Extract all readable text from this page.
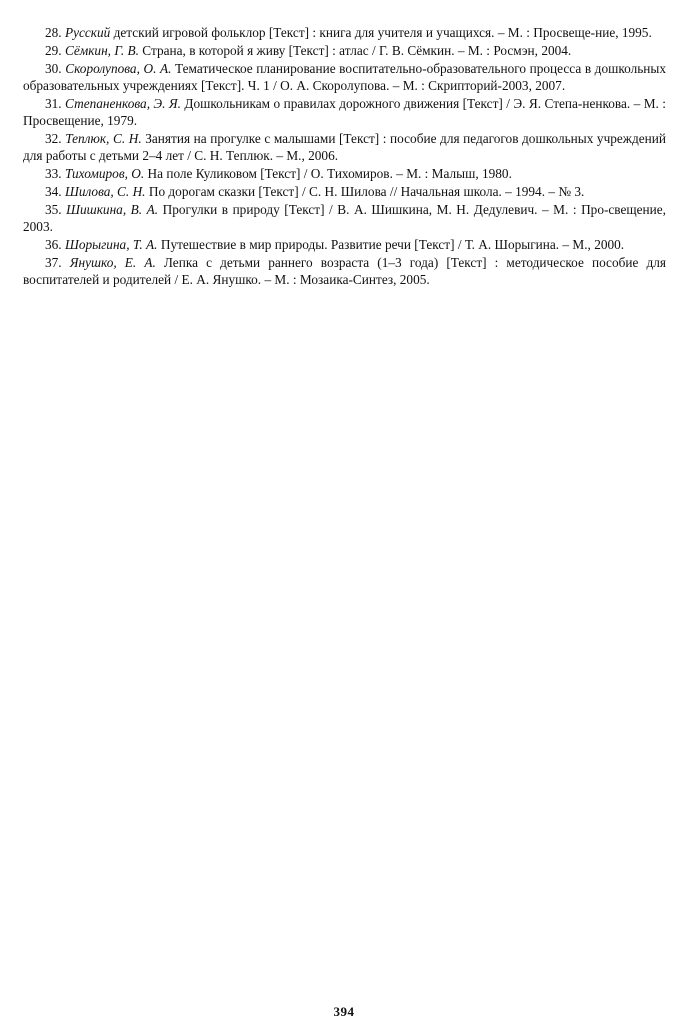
28. Русский детский игровой фольклор [Текст] : книга для учителя и учащихся. – М. : Просвеще-ние, 1995.
29. Сёмкин, Г. В. Страна, в которой я живу [Текст] : атлас / Г. В. Сёмкин. – М. : Росмэн, 2004.
30. Скоролупова, О. А. Тематическое планирование воспитательно-образовательного процесса в дошкольных образовательных учреждениях [Текст]. Ч. 1 / О. А. Скоролупова. – М. : Скрипторий-2003, 2007.
31. Степаненкова, Э. Я. Дошкольникам о правилах дорожного движения [Текст] / Э. Я. Степа-ненкова. – М. : Просвещение, 1979.
32. Теплюк, С. Н. Занятия на прогулке с малышами [Текст] : пособие для педагогов дошкольных учреждений для работы с детьми 2–4 лет / С. Н. Теплюк. – М., 2006.
33. Тихомиров, О. На поле Куликовом [Текст] / О. Тихомиров. – М. : Малыш, 1980.
34. Шилова, С. Н. По дорогам сказки [Текст] / С. Н. Шилова // Начальная школа. – 1994. – № 3.
35. Шишкина, В. А. Прогулки в природу [Текст] / В. А. Шишкина, М. Н. Дедулевич. – М. : Про-свещение, 2003.
36. Шорыгина, Т. А. Путешествие в мир природы. Развитие речи [Текст] / Т. А. Шорыгина. – М., 2000.
37. Янушко, Е. А. Лепка с детьми раннего возраста (1–3 года) [Текст] : методическое пособие для воспитателей и родителей / Е. А. Янушко. – М. : Мозаика-Синтез, 2005.
394
